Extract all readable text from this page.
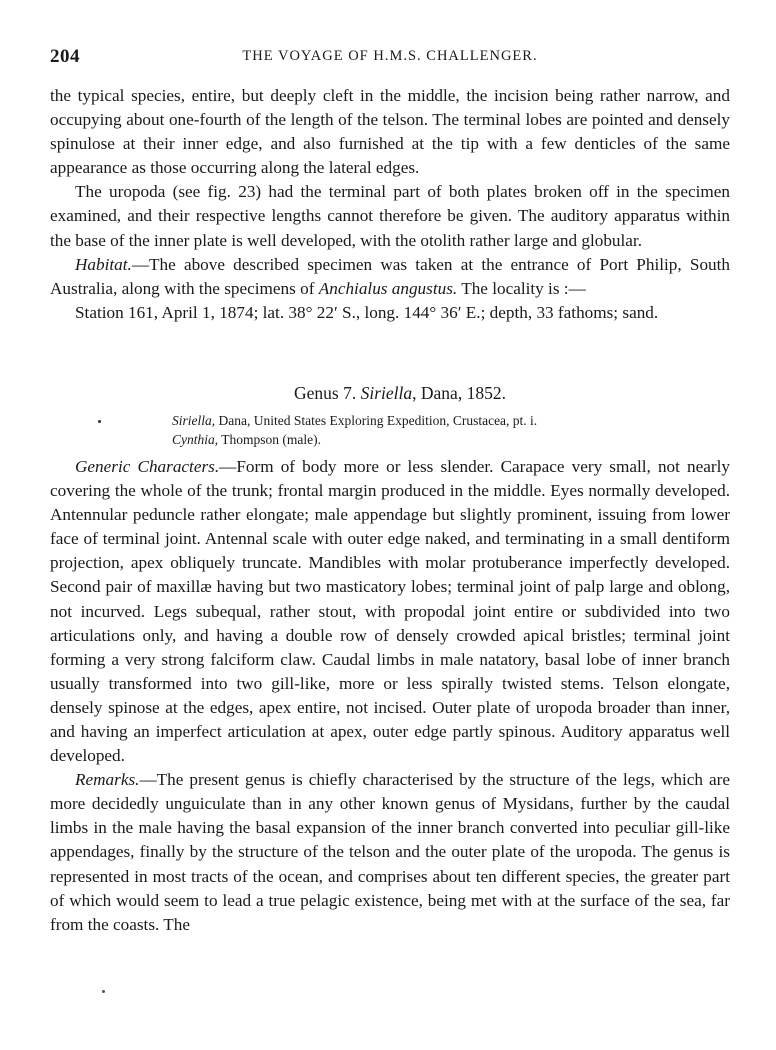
204	THE VOYAGE OF H.M.S. CHALLENGER.

the typical species, entire, but deeply cleft in the middle, the incision being rather narrow, and occupying about one-fourth of the length of the telson. The terminal lobes are pointed and densely spinulose at their inner edge, and also furnished at the tip with a few denticles of the same appearance as those occurring along the lateral edges.

The uropoda (see fig. 23) had the terminal part of both plates broken off in the specimen examined, and their respective lengths cannot therefore be given. The auditory apparatus within the base of the inner plate is well developed, with the otolith rather large and globular.

Habitat.—The above described specimen was taken at the entrance of Port Philip, South Australia, along with the specimens of Anchialus angustus. The locality is :—

Station 161, April 1, 1874; lat. 38° 22′ S., long. 144° 36′ E.; depth, 33 fathoms; sand.

Genus 7. Siriella, Dana, 1852.

Siriella, Dana, United States Exploring Expedition, Crustacea, pt. i.
Cynthia, Thompson (male).

Generic Characters.—Form of body more or less slender. Carapace very small, not nearly covering the whole of the trunk; frontal margin produced in the middle. Eyes normally developed. Antennular peduncle rather elongate; male appendage but slightly prominent, issuing from lower face of terminal joint. Antennal scale with outer edge naked, and terminating in a small dentiform projection, apex obliquely truncate. Mandibles with molar protuberance imperfectly developed. Second pair of maxillæ having but two masticatory lobes; terminal joint of palp large and oblong, not incurved. Legs subequal, rather stout, with propodal joint entire or subdivided into two articulations only, and having a double row of densely crowded apical bristles; terminal joint forming a very strong falciform claw. Caudal limbs in male natatory, basal lobe of inner branch usually transformed into two gill-like, more or less spirally twisted stems. Telson elongate, densely spinose at the edges, apex entire, not incised. Outer plate of uropoda broader than inner, and having an imperfect articulation at apex, outer edge partly spinous. Auditory apparatus well developed.

Remarks.—The present genus is chiefly characterised by the structure of the legs, which are more decidedly unguiculate than in any other known genus of Mysidans, further by the caudal limbs in the male having the basal expansion of the inner branch converted into peculiar gill-like appendages, finally by the structure of the telson and the outer plate of the uropoda. The genus is represented in most tracts of the ocean, and comprises about ten different species, the greater part of which would seem to lead a true pelagic existence, being met with at the surface of the sea, far from the coasts. The
